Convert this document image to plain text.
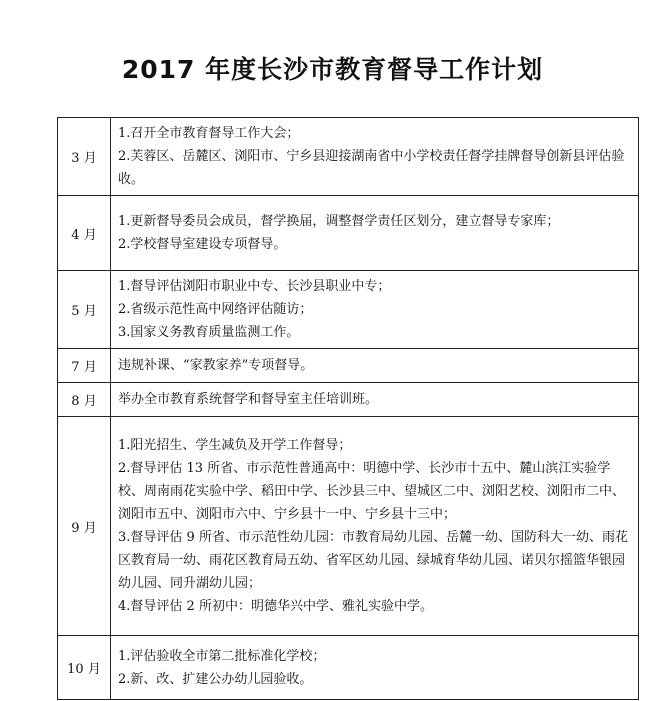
2017 年度长沙市教育督导工作计划
3 月	1.召开全市教育督导工作大会；
2.芙蓉区、岳麓区、浏阳市、宁乡县迎接湖南省中小学校责任督学挂牌督导创新县评估验收。

4 月	1.更新督导委员会成员，督学换届，调整督学责任区划分，建立督导专家库；
2.学校督导室建设专项督导。

5 月	1.督导评估浏阳市职业中专、长沙县职业中专；
2.省级示范性高中网络评估随访；
3.国家义务教育质量监测工作。

7 月	违规补课、“家教家养”专项督导。

8 月	举办全市教育系统督学和督导室主任培训班。

9 月	1.阳光招生、学生减负及开学工作督导；
2.督导评估 13 所省、市示范性普通高中：明德中学、长沙市十五中、麓山滨江实验学校、周南雨花实验中学、稻田中学、长沙县三中、望城区二中、浏阳艺校、浏阳市二中、浏阳市五中、浏阳市六中、宁乡县十一中、宁乡县十三中；
3.督导评估 9 所省、市示范性幼儿园：市教育局幼儿园、岳麓一幼、国防科大一幼、雨花区教育局一幼、雨花区教育局五幼、省军区幼儿园、绿城育华幼儿园、诺贝尔摇篮华银园幼儿园、同升湖幼儿园；
4.督导评估 2 所初中：明德华兴中学、雅礼实验中学。

10 月	1.评估验收全市第二批标准化学校；
2.新、改、扩建公办幼儿园验收。
